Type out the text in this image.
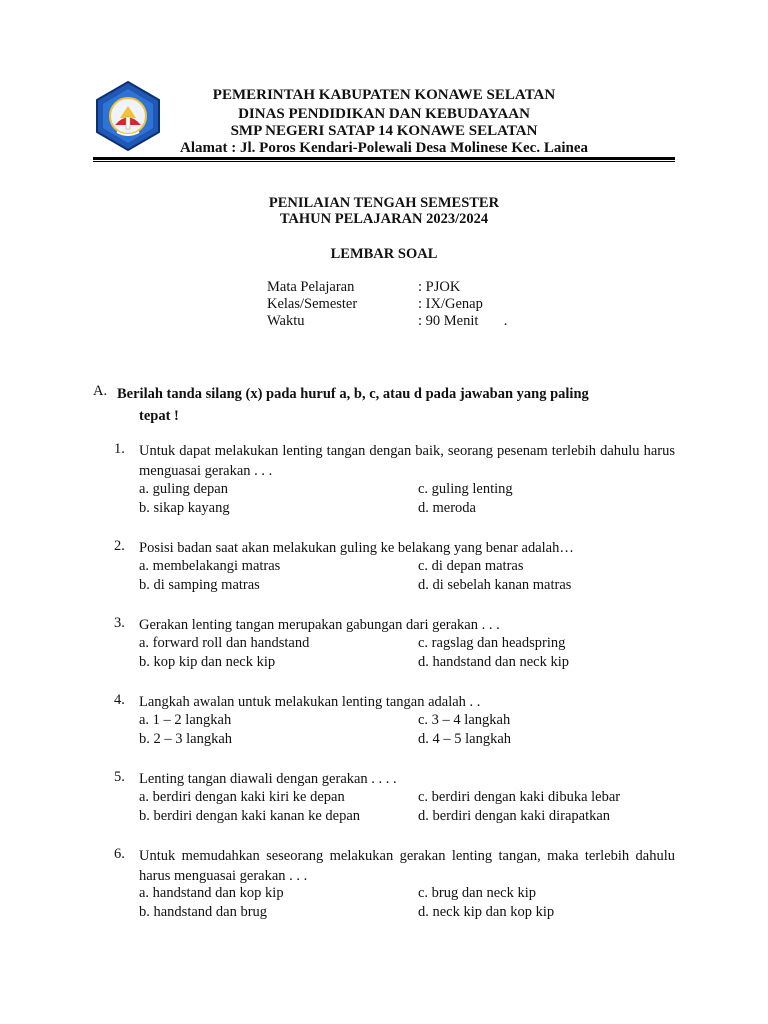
PEMERINTAH KABUPATEN KONAWE SELATAN
DINAS PENDIDIKAN DAN KEBUDAYAAN
SMP NEGERI SATAP 14 KONAWE SELATAN
Alamat : Jl. Poros Kendari-Polewali Desa Molinese Kec. Lainea
PENILAIAN TENGAH SEMESTER
TAHUN PELAJARAN 2023/2024
LEMBAR SOAL
Mata Pelajaran	: PJOK
Kelas/Semester	: IX/Genap
Waktu	: 90 Menit       .
A. Berilah tanda silang (x) pada huruf a, b, c, atau d pada jawaban yang paling
tepat !
1. Untuk dapat melakukan lenting tangan dengan baik, seorang pesenam terlebih dahulu harus menguasai gerakan . . .
a. guling depan	c. guling lenting
b. sikap kayang	d. meroda
2. Posisi badan saat akan melakukan guling ke belakang yang benar adalah…
a. membelakangi matras	c. di depan matras
b. di samping matras	d. di sebelah kanan matras
3. Gerakan lenting tangan merupakan gabungan dari gerakan . . .
a. forward roll dan handstand	c. ragslag dan headspring
b. kop kip dan neck kip	d. handstand dan neck kip
4. Langkah awalan untuk melakukan lenting tangan adalah . .
a. 1 – 2 langkah	c. 3 – 4 langkah
b. 2 – 3 langkah	d. 4 – 5 langkah
5. Lenting tangan diawali dengan gerakan . . . .
a. berdiri dengan kaki kiri ke depan	c. berdiri dengan kaki dibuka lebar
b. berdiri dengan kaki kanan ke depan	d. berdiri dengan kaki dirapatkan
6. Untuk memudahkan seseorang melakukan gerakan lenting tangan, maka terlebih dahulu harus menguasai gerakan . . .
a. handstand dan kop kip	c. brug dan neck kip
b. handstand dan brug	d. neck kip dan kop kip
